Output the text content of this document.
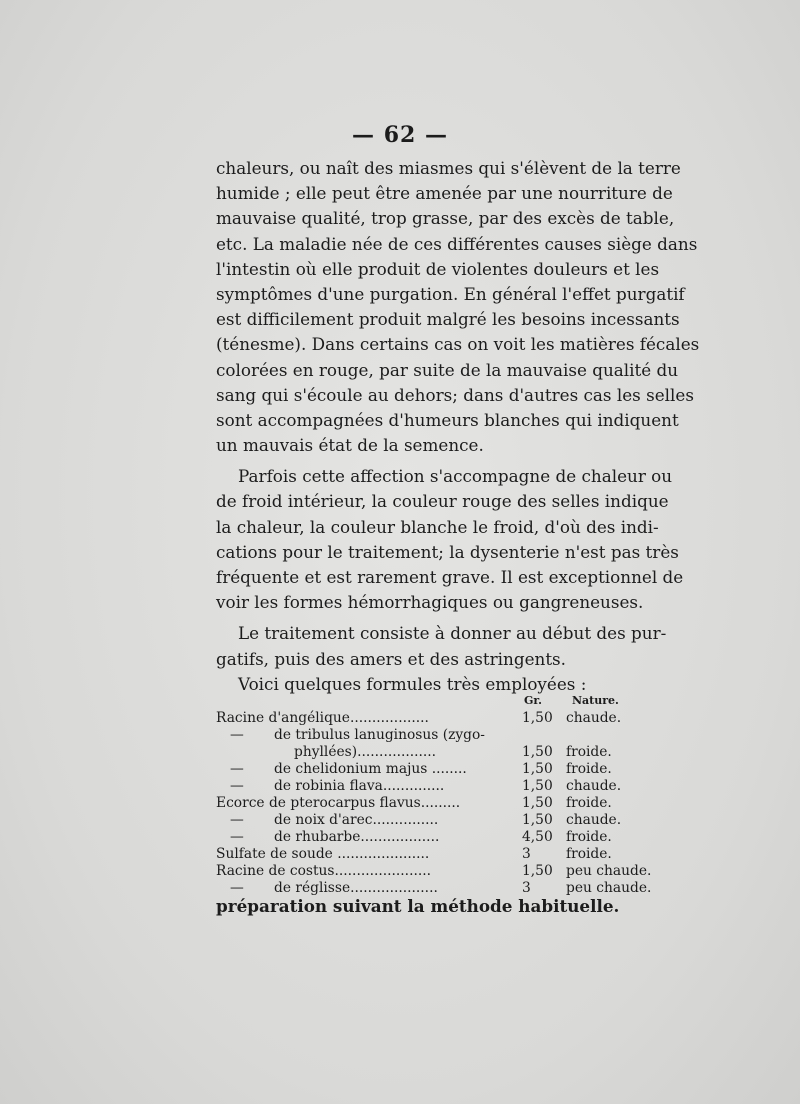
— 62 —
chaleurs, ou naît des miasmes qui s'élèvent de la terre
humide ; elle peut être amenée par une nourriture de
mauvaise qualité, trop grasse, par des excès de table,
etc. La maladie née de ces différentes causes siège dans
l'intestin où elle produit de violentes douleurs et les
symptômes d'une purgation. En général l'effet purgatif
est difficilement produit malgré les besoins incessants
(ténesme). Dans certains cas on voit les matières fécales
colorées en rouge, par suite de la mauvaise qualité du
sang qui s'écoule au dehors; dans d'autres cas les selles
sont accompagnées d'humeurs blanches qui indiquent
un mauvais état de la semence.
Parfois cette affection s'accompagne de chaleur ou
de froid intérieur, la couleur rouge des selles indique
la chaleur, la couleur blanche le froid, d'où des indi-
cations pour le traitement; la dysenterie n'est pas très
fréquente et est rarement grave. Il est exceptionnel de
voir les formes hémorrhagiques ou gangreneuses.
Le traitement consiste à donner au début des pur-
gatifs, puis des amers et des astringents.
Voici quelques formules très employées :
Gr.	Nature.
Racine d'angélique..................	1,50 chaude.
— de tribulus lanuginosus (zygo-
phyllées)..................	1,50 froide.
— de chelidonium majus ........	1,50 froide.
— de robinia flava..............	1,50 chaude.
Ecorce de pterocarpus flavus.........	1,50 froide.
— de noix d'arec...............	1,50 chaude.
— de rhubarbe..................	4,50 froide.
Sulfate de soude .....................	3	froide.
Racine de costus......................	1,50 peu chaude.
— de réglisse....................	3	peu chaude.
préparation suivant la méthode habituelle.
